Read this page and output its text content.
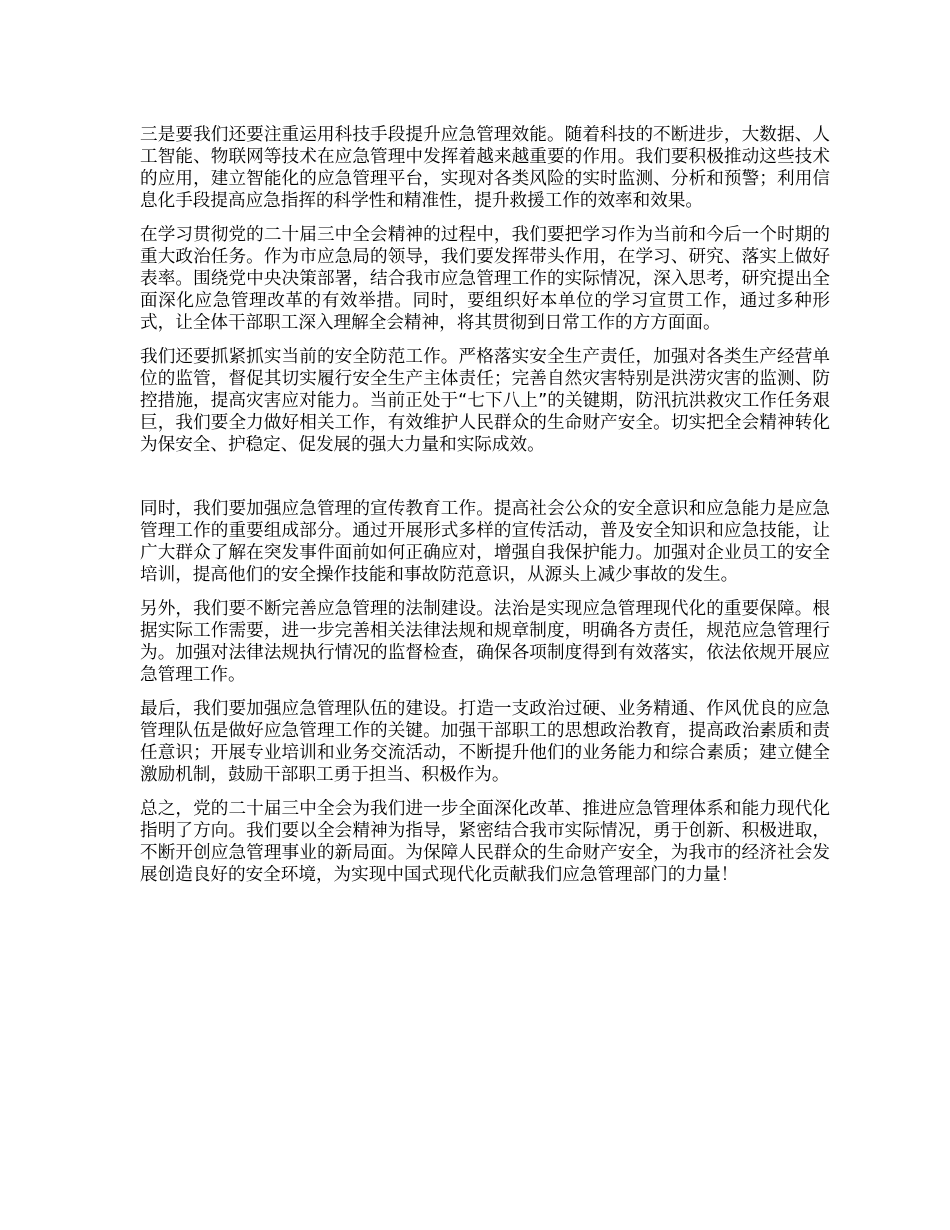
三是要我们还要注重运用科技手段提升应急管理效能。随着科技的不断进步，大数据、人工智能、物联网等技术在应急管理中发挥着越来越重要的作用。我们要积极推动这些技术的应用，建立智能化的应急管理平台，实现对各类风险的实时监测、分析和预警；利用信息化手段提高应急指挥的科学性和精准性，提升救援工作的效率和效果。

在学习贯彻党的二十届三中全会精神的过程中，我们要把学习作为当前和今后一个时期的重大政治任务。作为市应急局的领导，我们要发挥带头作用，在学习、研究、落实上做好表率。围绕党中央决策部署，结合我市应急管理工作的实际情况，深入思考，研究提出全面深化应急管理改革的有效举措。同时，要组织好本单位的学习宣贯工作，通过多种形式，让全体干部职工深入理解全会精神，将其贯彻到日常工作的方方面面。

我们还要抓紧抓实当前的安全防范工作。严格落实安全生产责任，加强对各类生产经营单位的监管，督促其切实履行安全生产主体责任；完善自然灾害特别是洪涝灾害的监测、防控措施，提高灾害应对能力。当前正处于“七下八上”的关键期，防汛抗洪救灾工作任务艰巨，我们要全力做好相关工作，有效维护人民群众的生命财产安全。切实把全会精神转化为保安全、护稳定、促发展的强大力量和实际成效。

同时，我们要加强应急管理的宣传教育工作。提高社会公众的安全意识和应急能力是应急管理工作的重要组成部分。通过开展形式多样的宣传活动，普及安全知识和应急技能，让广大群众了解在突发事件面前如何正确应对，增强自我保护能力。加强对企业员工的安全培训，提高他们的安全操作技能和事故防范意识，从源头上减少事故的发生。

另外，我们要不断完善应急管理的法制建设。法治是实现应急管理现代化的重要保障。根据实际工作需要，进一步完善相关法律法规和规章制度，明确各方责任，规范应急管理行为。加强对法律法规执行情况的监督检查，确保各项制度得到有效落实，依法依规开展应急管理工作。

最后，我们要加强应急管理队伍的建设。打造一支政治过硬、业务精通、作风优良的应急管理队伍是做好应急管理工作的关键。加强干部职工的思想政治教育，提高政治素质和责任意识；开展专业培训和业务交流活动，不断提升他们的业务能力和综合素质；建立健全激励机制，鼓励干部职工勇于担当、积极作为。

总之，党的二十届三中全会为我们进一步全面深化改革、推进应急管理体系和能力现代化指明了方向。我们要以全会精神为指导，紧密结合我市实际情况，勇于创新、积极进取，不断开创应急管理事业的新局面。为保障人民群众的生命财产安全，为我市的经济社会发展创造良好的安全环境，为实现中国式现代化贡献我们应急管理部门的力量！
